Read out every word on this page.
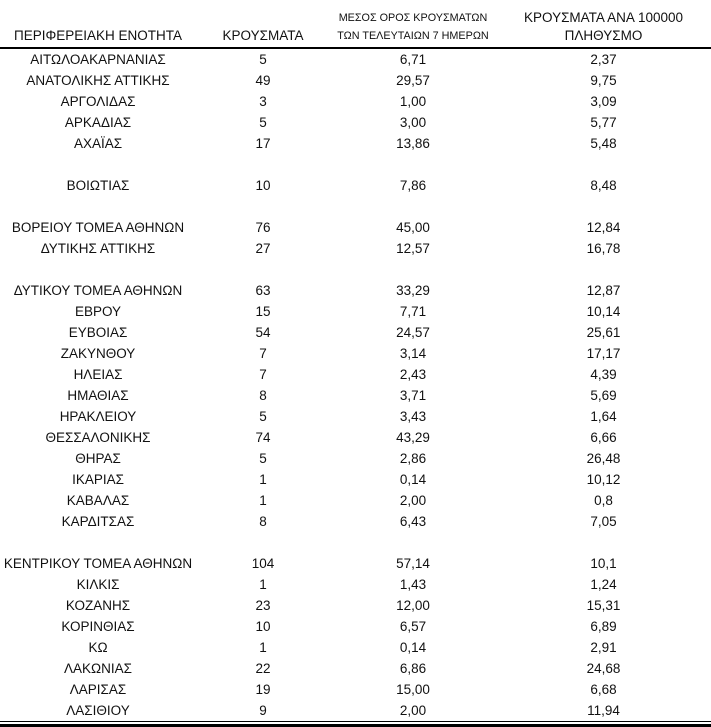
ΠΕΡΙΦΕΡΕΙΑΚΗ ΕΝΟΤΗΤΑ	ΚΡΟΥΣΜΑΤΑ	ΜΕΣΟΣ ΟΡΟΣ ΚΡΟΥΣΜΑΤΩΝ
ΤΩΝ ΤΕΛΕΥΤΑΙΩΝ 7 ΗΜΕΡΩΝ	ΚΡΟΥΣΜΑΤΑ ΑΝΑ 100000
ΠΛΗΘΥΣΜΟ

ΑΙΤΩΛΟΑΚΑΡΝΑΝΙΑΣ	5	6,71	2,37
ΑΝΑΤΟΛΙΚΗΣ ΑΤΤΙΚΗΣ	49	29,57	9,75
ΑΡΓΟΛΙΔΑΣ	3	1,00	3,09
ΑΡΚΑΔΙΑΣ	5	3,00	5,77
ΑΧΑΪΑΣ	17	13,86	5,48

ΒΟΙΩΤΙΑΣ	10	7,86	8,48

ΒΟΡΕΙΟΥ ΤΟΜΕΑ ΑΘΗΝΩΝ	76	45,00	12,84
ΔΥΤΙΚΗΣ ΑΤΤΙΚΗΣ	27	12,57	16,78

ΔΥΤΙΚΟΥ ΤΟΜΕΑ ΑΘΗΝΩΝ	63	33,29	12,87
ΕΒΡΟΥ	15	7,71	10,14
ΕΥΒΟΙΑΣ	54	24,57	25,61
ΖΑΚΥΝΘΟΥ	7	3,14	17,17
ΗΛΕΙΑΣ	7	2,43	4,39
ΗΜΑΘΙΑΣ	8	3,71	5,69
ΗΡΑΚΛΕΙΟΥ	5	3,43	1,64
ΘΕΣΣΑΛΟΝΙΚΗΣ	74	43,29	6,66
ΘΗΡΑΣ	5	2,86	26,48
ΙΚΑΡΙΑΣ	1	0,14	10,12
ΚΑΒΑΛΑΣ	1	2,00	0,8
ΚΑΡΔΙΤΣΑΣ	8	6,43	7,05

ΚΕΝΤΡΙΚΟΥ ΤΟΜΕΑ ΑΘΗΝΩΝ	104	57,14	10,1
ΚΙΛΚΙΣ	1	1,43	1,24
ΚΟΖΑΝΗΣ	23	12,00	15,31
ΚΟΡΙΝΘΙΑΣ	10	6,57	6,89
ΚΩ	1	0,14	2,91
ΛΑΚΩΝΙΑΣ	22	6,86	24,68
ΛΑΡΙΣΑΣ	19	15,00	6,68
ΛΑΣΙΘΙΟΥ	9	2,00	11,94
